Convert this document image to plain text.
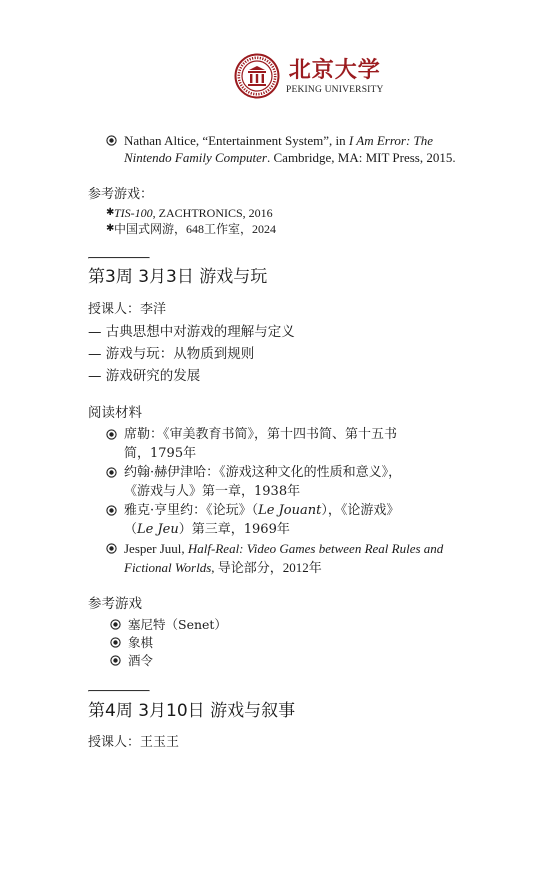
北京大学
PEKING UNIVERSITY
Nathan Altice, “Entertainment System”, in I Am Error: The Nintendo Family Computer. Cambridge, MA: MIT Press, 2015.
参考游戏：
✱ TIS-100, ZACHTRONICS, 2016
✱ 中国式网游，648工作室，2024
第3周 3月3日 游戏与玩
授课人：李洋
— 古典思想中对游戏的理解与定义
— 游戏与玩：从物质到规则
— 游戏研究的发展
阅读材料
席勒：《审美教育书简》，第十四书简、第十五书
简，1795年
约翰·赫伊津哈：《游戏这种文化的性质和意义》，
《游戏与人》第一章，1938年
雅克·亨里约：《论玩》（Le Jouant），《论游戏》
（Le Jeu）第三章，1969年
Jesper Juul, Half-Real: Video Games between Real Rules and
Fictional Worlds, 导论部分，2012年
参考游戏
塞尼特（Senet）
象棋
酒令
第4周 3月10日 游戏与叙事
授课人：王玉王
